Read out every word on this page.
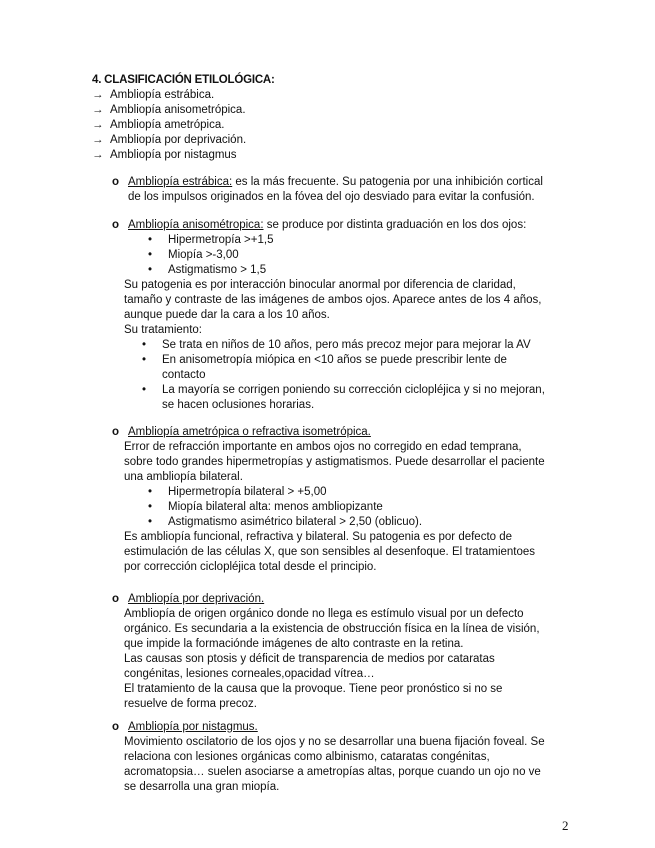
4. CLASIFICACIÓN ETILOLÓGICA:
→ Ambliopía estrábica.
→ Ambliopía anisometrópica.
→ Ambliopía ametrópica.
→ Ambliopía por deprivación.
→ Ambliopía por nistagmus
o Ambliopía estrábica: es la más frecuente. Su patogenia por una inhibición cortical
de los impulsos originados en la fóvea del ojo desviado para evitar la confusión.
o Ambliopía anisométropica: se produce por distinta graduación en los dos ojos:
• Hipermetropía >+1,5
• Miopía >-3,00
• Astigmatismo > 1,5
Su patogenia es por interacción binocular anormal por diferencia de claridad,
tamaño y contraste de las imágenes de ambos ojos. Aparece antes de los 4 años,
aunque puede dar la cara a los 10 años.
Su tratamiento:
• Se trata en niños de 10 años, pero más precoz mejor para mejorar la AV
• En anisometropía miópica en <10 años se puede prescribir lente de
contacto
• La mayoría se corrigen poniendo su corrección ciclopléjica y si no mejoran,
se hacen oclusiones horarias.
o Ambliopía ametrópica o refractiva isometrópica.
Error de refracción importante en ambos ojos no corregido en edad temprana,
sobre todo grandes hipermetropías y astigmatismos. Puede desarrollar el paciente
una ambliopía bilateral.
• Hipermetropía bilateral > +5,00
• Miopía bilateral alta: menos ambliopizante
• Astigmatismo asimétrico bilateral > 2,50 (oblicuo).
Es ambliopía funcional, refractiva y bilateral. Su patogenia es por defecto de
estimulación de las células X, que son sensibles al desenfoque. El tratamientoes
por corrección ciclopléjica total desde el principio.
o Ambliopía por deprivación.
Ambliopía de origen orgánico donde no llega es estímulo visual por un defecto
orgánico. Es secundaria a la existencia de obstrucción física en la línea de visión,
que impide la formaciónde imágenes de alto contraste en la retina.
Las causas son ptosis y déficit de transparencia de medios por cataratas
congénitas, lesiones corneales,opacidad vítrea…
El tratamiento de la causa que la provoque. Tiene peor pronóstico si no se
resuelve de forma precoz.
o Ambliopía por nistagmus.
Movimiento oscilatorio de los ojos y no se desarrollar una buena fijación foveal. Se
relaciona con lesiones orgánicas como albinismo, cataratas congénitas,
acromatopsia… suelen asociarse a ametropías altas, porque cuando un ojo no ve
se desarrolla una gran miopía.
2
